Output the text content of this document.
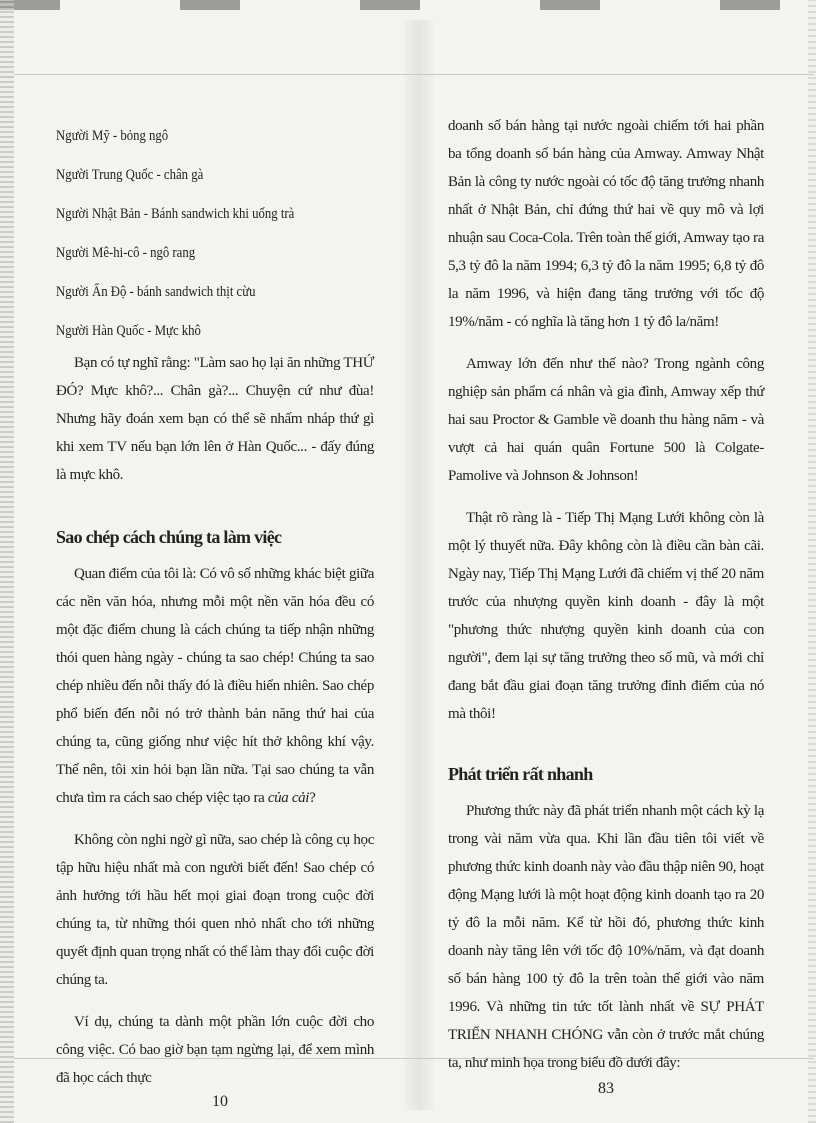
Người Mỹ - bỏng ngô

Người Trung Quốc - chân gà

Người Nhật Bản - Bánh sandwich khi uống trà

Người Mê-hi-cô - ngô rang

Người Ấn Độ - bánh sandwich thịt cừu

Người Hàn Quốc - Mực khô

Bạn có tự nghĩ rằng: "Làm sao họ lại ăn những THỨ ĐÓ? Mực khô?... Chân gà?... Chuyện cứ như đùa! Nhưng hãy đoán xem bạn có thể sẽ nhấm nháp thứ gì khi xem TV nếu bạn lớn lên ở Hàn Quốc... - đấy đúng là mực khô.

Sao chép cách chúng ta làm việc

Quan điểm của tôi là: Có vô số những khác biệt giữa các nền văn hóa, nhưng mỗi một nền văn hóa đều có một đặc điểm chung là cách chúng ta tiếp nhận những thói quen hàng ngày - chúng ta sao chép! Chúng ta sao chép nhiều đến nỗi thấy đó là điều hiển nhiên. Sao chép phổ biến đến nỗi nó trở thành bản năng thứ hai của chúng ta, cũng giống như việc hít thở không khí vậy. Thế nên, tôi xin hỏi bạn lần nữa. Tại sao chúng ta vẫn chưa tìm ra cách sao chép việc tạo ra của cải?

Không còn nghi ngờ gì nữa, sao chép là công cụ học tập hữu hiệu nhất mà con người biết đến! Sao chép có ảnh hưởng tới hầu hết mọi giai đoạn trong cuộc đời chúng ta, từ những thói quen nhỏ nhất cho tới những quyết định quan trọng nhất có thể làm thay đổi cuộc đời chúng ta.

Ví dụ, chúng ta dành một phần lớn cuộc đời cho công việc. Có bao giờ bạn tạm ngừng lại, để xem mình đã học cách thực

10

doanh số bán hàng tại nước ngoài chiếm tới hai phần ba tổng doanh số bán hàng của Amway. Amway Nhật Bản là công ty nước ngoài có tốc độ tăng trưởng nhanh nhất ở Nhật Bản, chỉ đứng thứ hai về quy mô và lợi nhuận sau Coca-Cola. Trên toàn thế giới, Amway tạo ra 5,3 tỷ đô la năm 1994; 6,3 tỷ đô la năm 1995; 6,8 tỷ đô la năm 1996, và hiện đang tăng trưởng với tốc độ 19%/năm - có nghĩa là tăng hơn 1 tỷ đô la/năm!

Amway lớn đến như thế nào? Trong ngành công nghiệp sản phẩm cá nhân và gia đình, Amway xếp thứ hai sau Proctor & Gamble về doanh thu hàng năm - và vượt cả hai quán quân Fortune 500 là Colgate-Pamolive và Johnson & Johnson!

Thật rõ ràng là - Tiếp Thị Mạng Lưới không còn là một lý thuyết nữa. Đây không còn là điều cần bàn cãi. Ngày nay, Tiếp Thị Mạng Lưới đã chiếm vị thế 20 năm trước của nhượng quyền kinh doanh - đây là một "phương thức nhượng quyền kinh doanh của con người", đem lại sự tăng trưởng theo số mũ, và mới chỉ đang bắt đầu giai đoạn tăng trưởng đỉnh điểm của nó mà thôi!

Phát triển rất nhanh

Phương thức này đã phát triển nhanh một cách kỳ lạ trong vài năm vừa qua. Khi lần đầu tiên tôi viết về phương thức kinh doanh này vào đầu thập niên 90, hoạt động Mạng lưới là một hoạt động kinh doanh tạo ra 20 tỷ đô la mỗi năm. Kể từ hồi đó, phương thức kinh doanh này tăng lên với tốc độ 10%/năm, và đạt doanh số bán hàng 100 tỷ đô la trên toàn thế giới vào năm 1996. Và những tin tức tốt lành nhất về SỰ PHÁT TRIỂN NHANH CHÓNG vẫn còn ở trước mắt chúng ta, như minh họa trong biểu đồ dưới đây:

83
